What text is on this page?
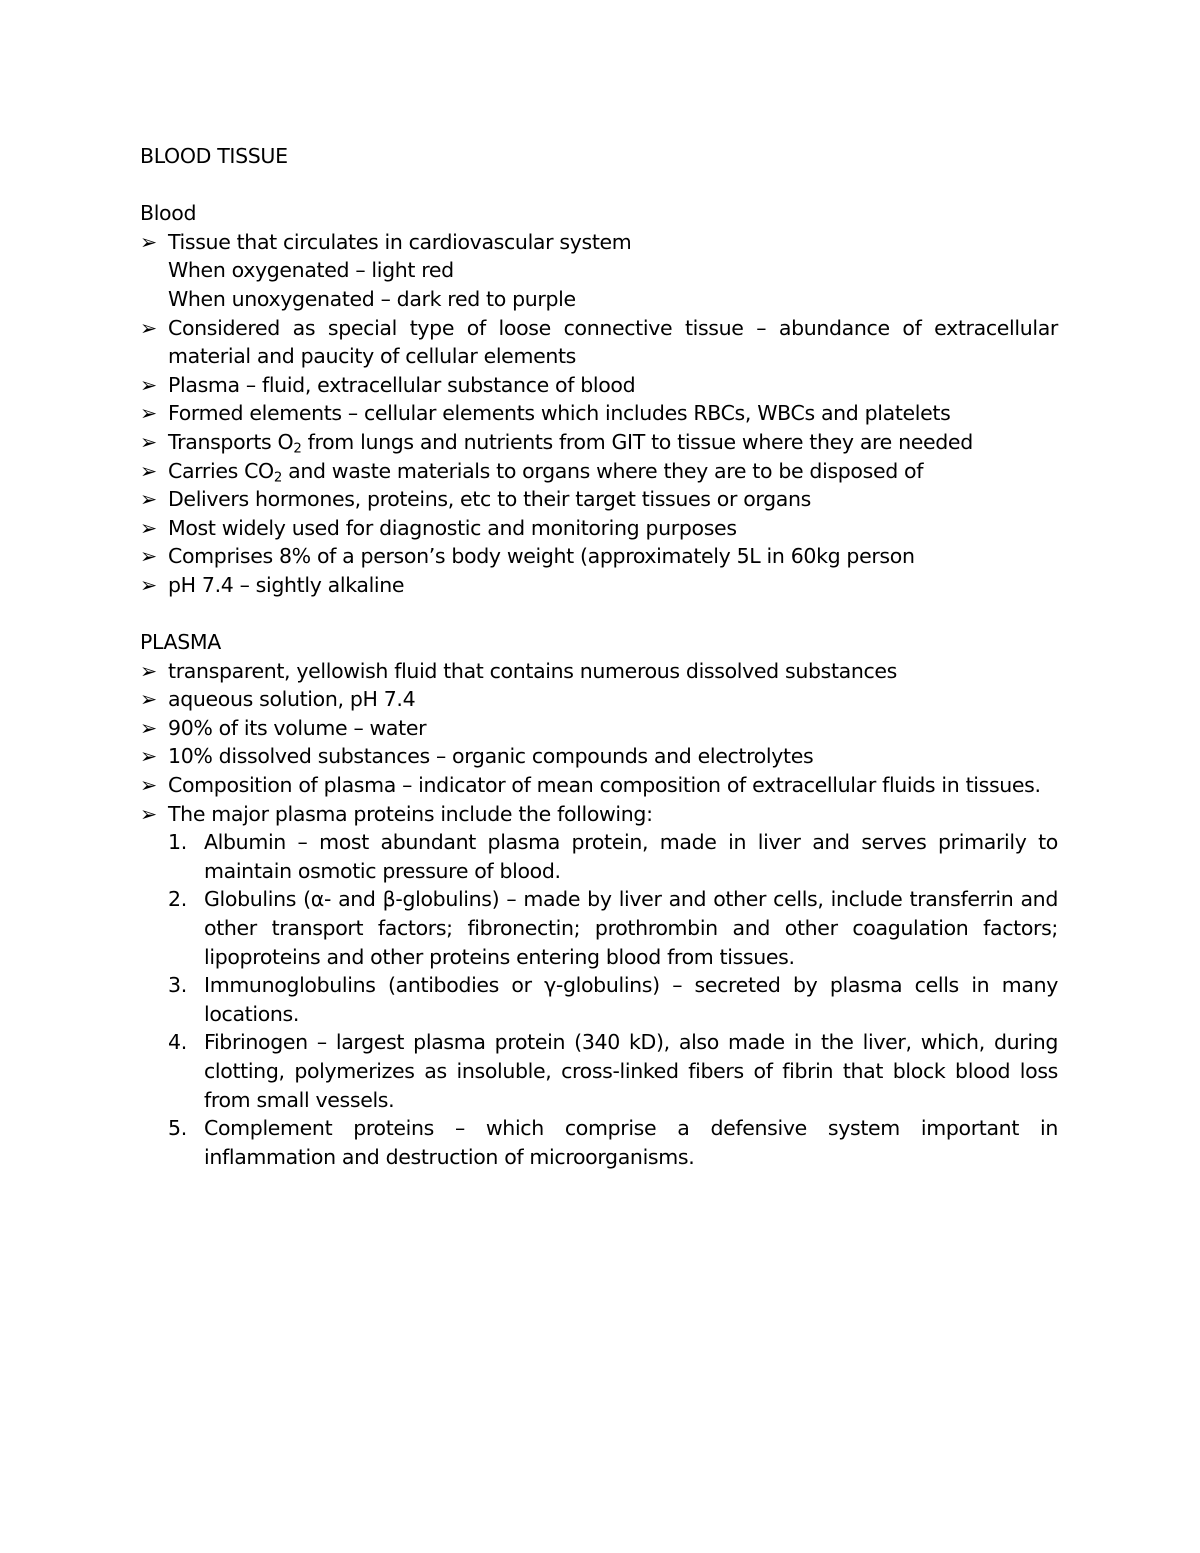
BLOOD TISSUE

Blood

➢ Tissue that circulates in cardiovascular system
When oxygenated – light red
When unoxygenated – dark red to purple
➢ Considered as special type of loose connective tissue – abundance of extracellular material and paucity of cellular elements
➢ Plasma – fluid, extracellular substance of blood
➢ Formed elements – cellular elements which includes RBCs, WBCs and platelets
➢ Transports $O_2$ from lungs and nutrients from GIT to tissue where they are needed
➢ Carries $CO_2$ and waste materials to organs where they are to be disposed of
➢ Delivers hormones, proteins, etc to their target tissues or organs
➢ Most widely used for diagnostic and monitoring purposes
➢ Comprises 8% of a person’s body weight (approximately 5L in 60kg person
➢ pH 7.4 – sightly alkaline

PLASMA

➢ transparent, yellowish fluid that contains numerous dissolved substances
➢ aqueous solution, pH 7.4
➢ 90% of its volume – water
➢ 10% dissolved substances – organic compounds and electrolytes
➢ Composition of plasma – indicator of mean composition of extracellular fluids in tissues.
➢ The major plasma proteins include the following:
1. Albumin – most abundant plasma protein, made in liver and serves primarily to maintain osmotic pressure of blood.
2. Globulins (α- and β-globulins) – made by liver and other cells, include transferrin and other transport factors; fibronectin; prothrombin and other coagulation factors; lipoproteins and other proteins entering blood from tissues.
3. Immunoglobulins (antibodies or γ-globulins) – secreted by plasma cells in many locations.
4. Fibrinogen – largest plasma protein (340 kD), also made in the liver, which, during clotting, polymerizes as insoluble, cross-linked fibers of fibrin that block blood loss from small vessels.
5. Complement proteins – which comprise a defensive system important in inflammation and destruction of microorganisms.
